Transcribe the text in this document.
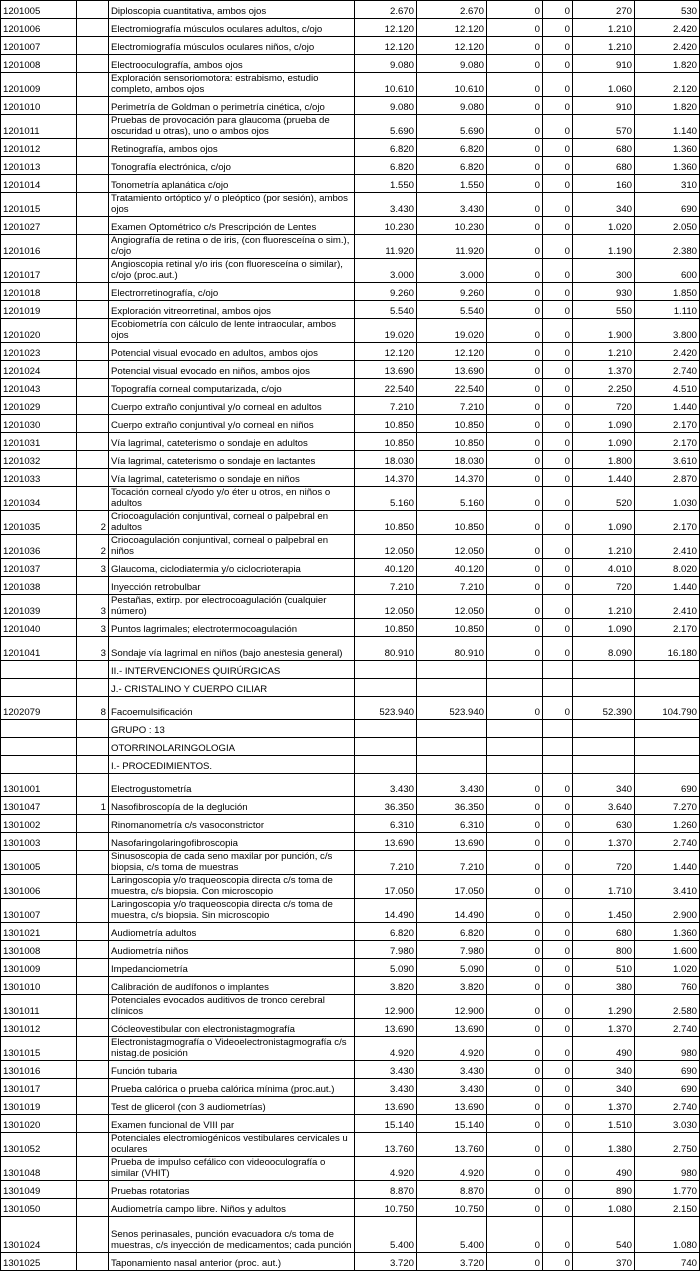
1201005		Diploscopia cuantitativa, ambos ojos	2.670	2.670	0	0	270	530
1201006		Electromiografía músculos oculares adultos, c/ojo	12.120	12.120	0	0	1.210	2.420
1201007		Electromiografía músculos oculares niños, c/ojo	12.120	12.120	0	0	1.210	2.420
1201008		Electrooculografía, ambos ojos	9.080	9.080	0	0	910	1.820
1201009		Exploración sensoriomotora: estrabismo, estudio completo, ambos ojos	10.610	10.610	0	0	1.060	2.120
1201010		Perimetría de Goldman o perimetría cinética, c/ojo	9.080	9.080	0	0	910	1.820
1201011		Pruebas de provocación para glaucoma (prueba de oscuridad u otras), uno o ambos ojos	5.690	5.690	0	0	570	1.140
1201012		Retinografía, ambos ojos	6.820	6.820	0	0	680	1.360
1201013		Tonografía electrónica, c/ojo	6.820	6.820	0	0	680	1.360
1201014		Tonometría aplanática c/ojo	1.550	1.550	0	0	160	310
1201015		Tratamiento ortóptico y/ o pleóptico (por sesión), ambos ojos	3.430	3.430	0	0	340	690
1201027		Examen Optométrico c/s Prescripción de Lentes	10.230	10.230	0	0	1.020	2.050
1201016		Angiografía de retina o de iris, (con fluoresceína o sim.), c/ojo	11.920	11.920	0	0	1.190	2.380
1201017		Angioscopia retinal y/o iris (con fluoresceína o similar), c/ojo (proc.aut.)	3.000	3.000	0	0	300	600
1201018		Electrorretinografía, c/ojo	9.260	9.260	0	0	930	1.850
1201019		Exploración vitreorretinal, ambos ojos	5.540	5.540	0	0	550	1.110
1201020		Ecobiometría con cálculo de lente intraocular, ambos ojos	19.020	19.020	0	0	1.900	3.800
1201023		Potencial visual evocado en adultos, ambos ojos	12.120	12.120	0	0	1.210	2.420
1201024		Potencial visual evocado en niños, ambos ojos	13.690	13.690	0	0	1.370	2.740
1201043		Topografía corneal computarizada, c/ojo	22.540	22.540	0	0	2.250	4.510
1201029		Cuerpo extraño conjuntival y/o corneal en adultos	7.210	7.210	0	0	720	1.440
1201030		Cuerpo extraño conjuntival y/o corneal en niños	10.850	10.850	0	0	1.090	2.170
1201031		Vía lagrimal, cateterismo o sondaje en adultos	10.850	10.850	0	0	1.090	2.170
1201032		Vía lagrimal, cateterismo o sondaje en lactantes	18.030	18.030	0	0	1.800	3.610
1201033		Vía lagrimal, cateterismo o sondaje en niños	14.370	14.370	0	0	1.440	2.870
1201034		Tocación corneal c/yodo y/o éter u otros, en niños o adultos	5.160	5.160	0	0	520	1.030
1201035	2	Criocoagulación conjuntival, corneal o palpebral en adultos	10.850	10.850	0	0	1.090	2.170
1201036	2	Criocoagulación conjuntival, corneal o palpebral en niños	12.050	12.050	0	0	1.210	2.410
1201037	3	Glaucoma, ciclodiatermia y/o ciclocrioterapia	40.120	40.120	0	0	4.010	8.020
1201038		Inyección retrobulbar	7.210	7.210	0	0	720	1.440
1201039	3	Pestañas, extirp. por electrocoagulación (cualquier número)	12.050	12.050	0	0	1.210	2.410
1201040	3	Puntos lagrimales; electrotermocoagulación	10.850	10.850	0	0	1.090	2.170
1201041	3	Sondaje vía lagrimal en niños (bajo anestesia general)	80.910	80.910	0	0	8.090	16.180
		II.- INTERVENCIONES QUIRÚRGICAS						
		J.- CRISTALINO Y CUERPO CILIAR						
1202079	8	Facoemulsificación	523.940	523.940	0	0	52.390	104.790
		GRUPO : 13						
		OTORRINOLARINGOLOGIA						
		I.- PROCEDIMIENTOS.						
1301001		Electrogustometría	3.430	3.430	0	0	340	690
1301047	1	Nasofibroscopía de la deglución	36.350	36.350	0	0	3.640	7.270
1301002		Rinomanometría c/s vasoconstrictor	6.310	6.310	0	0	630	1.260
1301003		Nasofaringolaringofibroscopia	13.690	13.690	0	0	1.370	2.740
1301005		Sinusoscopia de cada seno maxilar por punción, c/s biopsia, c/s toma de muestras	7.210	7.210	0	0	720	1.440
1301006		Laringoscopia y/o traqueoscopia directa c/s toma de muestra, c/s biopsia. Con microscopio	17.050	17.050	0	0	1.710	3.410
1301007		Laringoscopia y/o traqueoscopia directa c/s toma de muestra, c/s biopsia. Sin microscopio	14.490	14.490	0	0	1.450	2.900
1301021		Audiometría adultos	6.820	6.820	0	0	680	1.360
1301008		Audiometría niños	7.980	7.980	0	0	800	1.600
1301009		Impedanciometría	5.090	5.090	0	0	510	1.020
1301010		Calibración de audífonos o implantes	3.820	3.820	0	0	380	760
1301011		Potenciales evocados auditivos de tronco cerebral clínicos	12.900	12.900	0	0	1.290	2.580
1301012		Cócleovestibular con electronistagmografía	13.690	13.690	0	0	1.370	2.740
1301015		Electronistagmografía o Videoelectronistagmografía c/s nistag.de posición	4.920	4.920	0	0	490	980
1301016		Función tubaria	3.430	3.430	0	0	340	690
1301017		Prueba calórica o prueba calórica mínima (proc.aut.)	3.430	3.430	0	0	340	690
1301019		Test de glicerol (con 3 audiometrías)	13.690	13.690	0	0	1.370	2.740
1301020		Examen funcional de VIII par	15.140	15.140	0	0	1.510	3.030
1301052		Potenciales electromiogénicos vestibulares cervicales u oculares	13.760	13.760	0	0	1.380	2.750
1301048		Prueba de impulso cefálico con videooculografía o similar (VHIT)	4.920	4.920	0	0	490	980
1301049		Pruebas rotatorias	8.870	8.870	0	0	890	1.770
1301050		Audiometría campo libre. Niños y adultos	10.750	10.750	0	0	1.080	2.150
1301024		Senos perinasales, punción evacuadora c/s toma de muestras, c/s inyección de medicamentos; cada punción	5.400	5.400	0	0	540	1.080
1301025		Taponamiento nasal anterior (proc. aut.)	3.720	3.720	0	0	370	740
